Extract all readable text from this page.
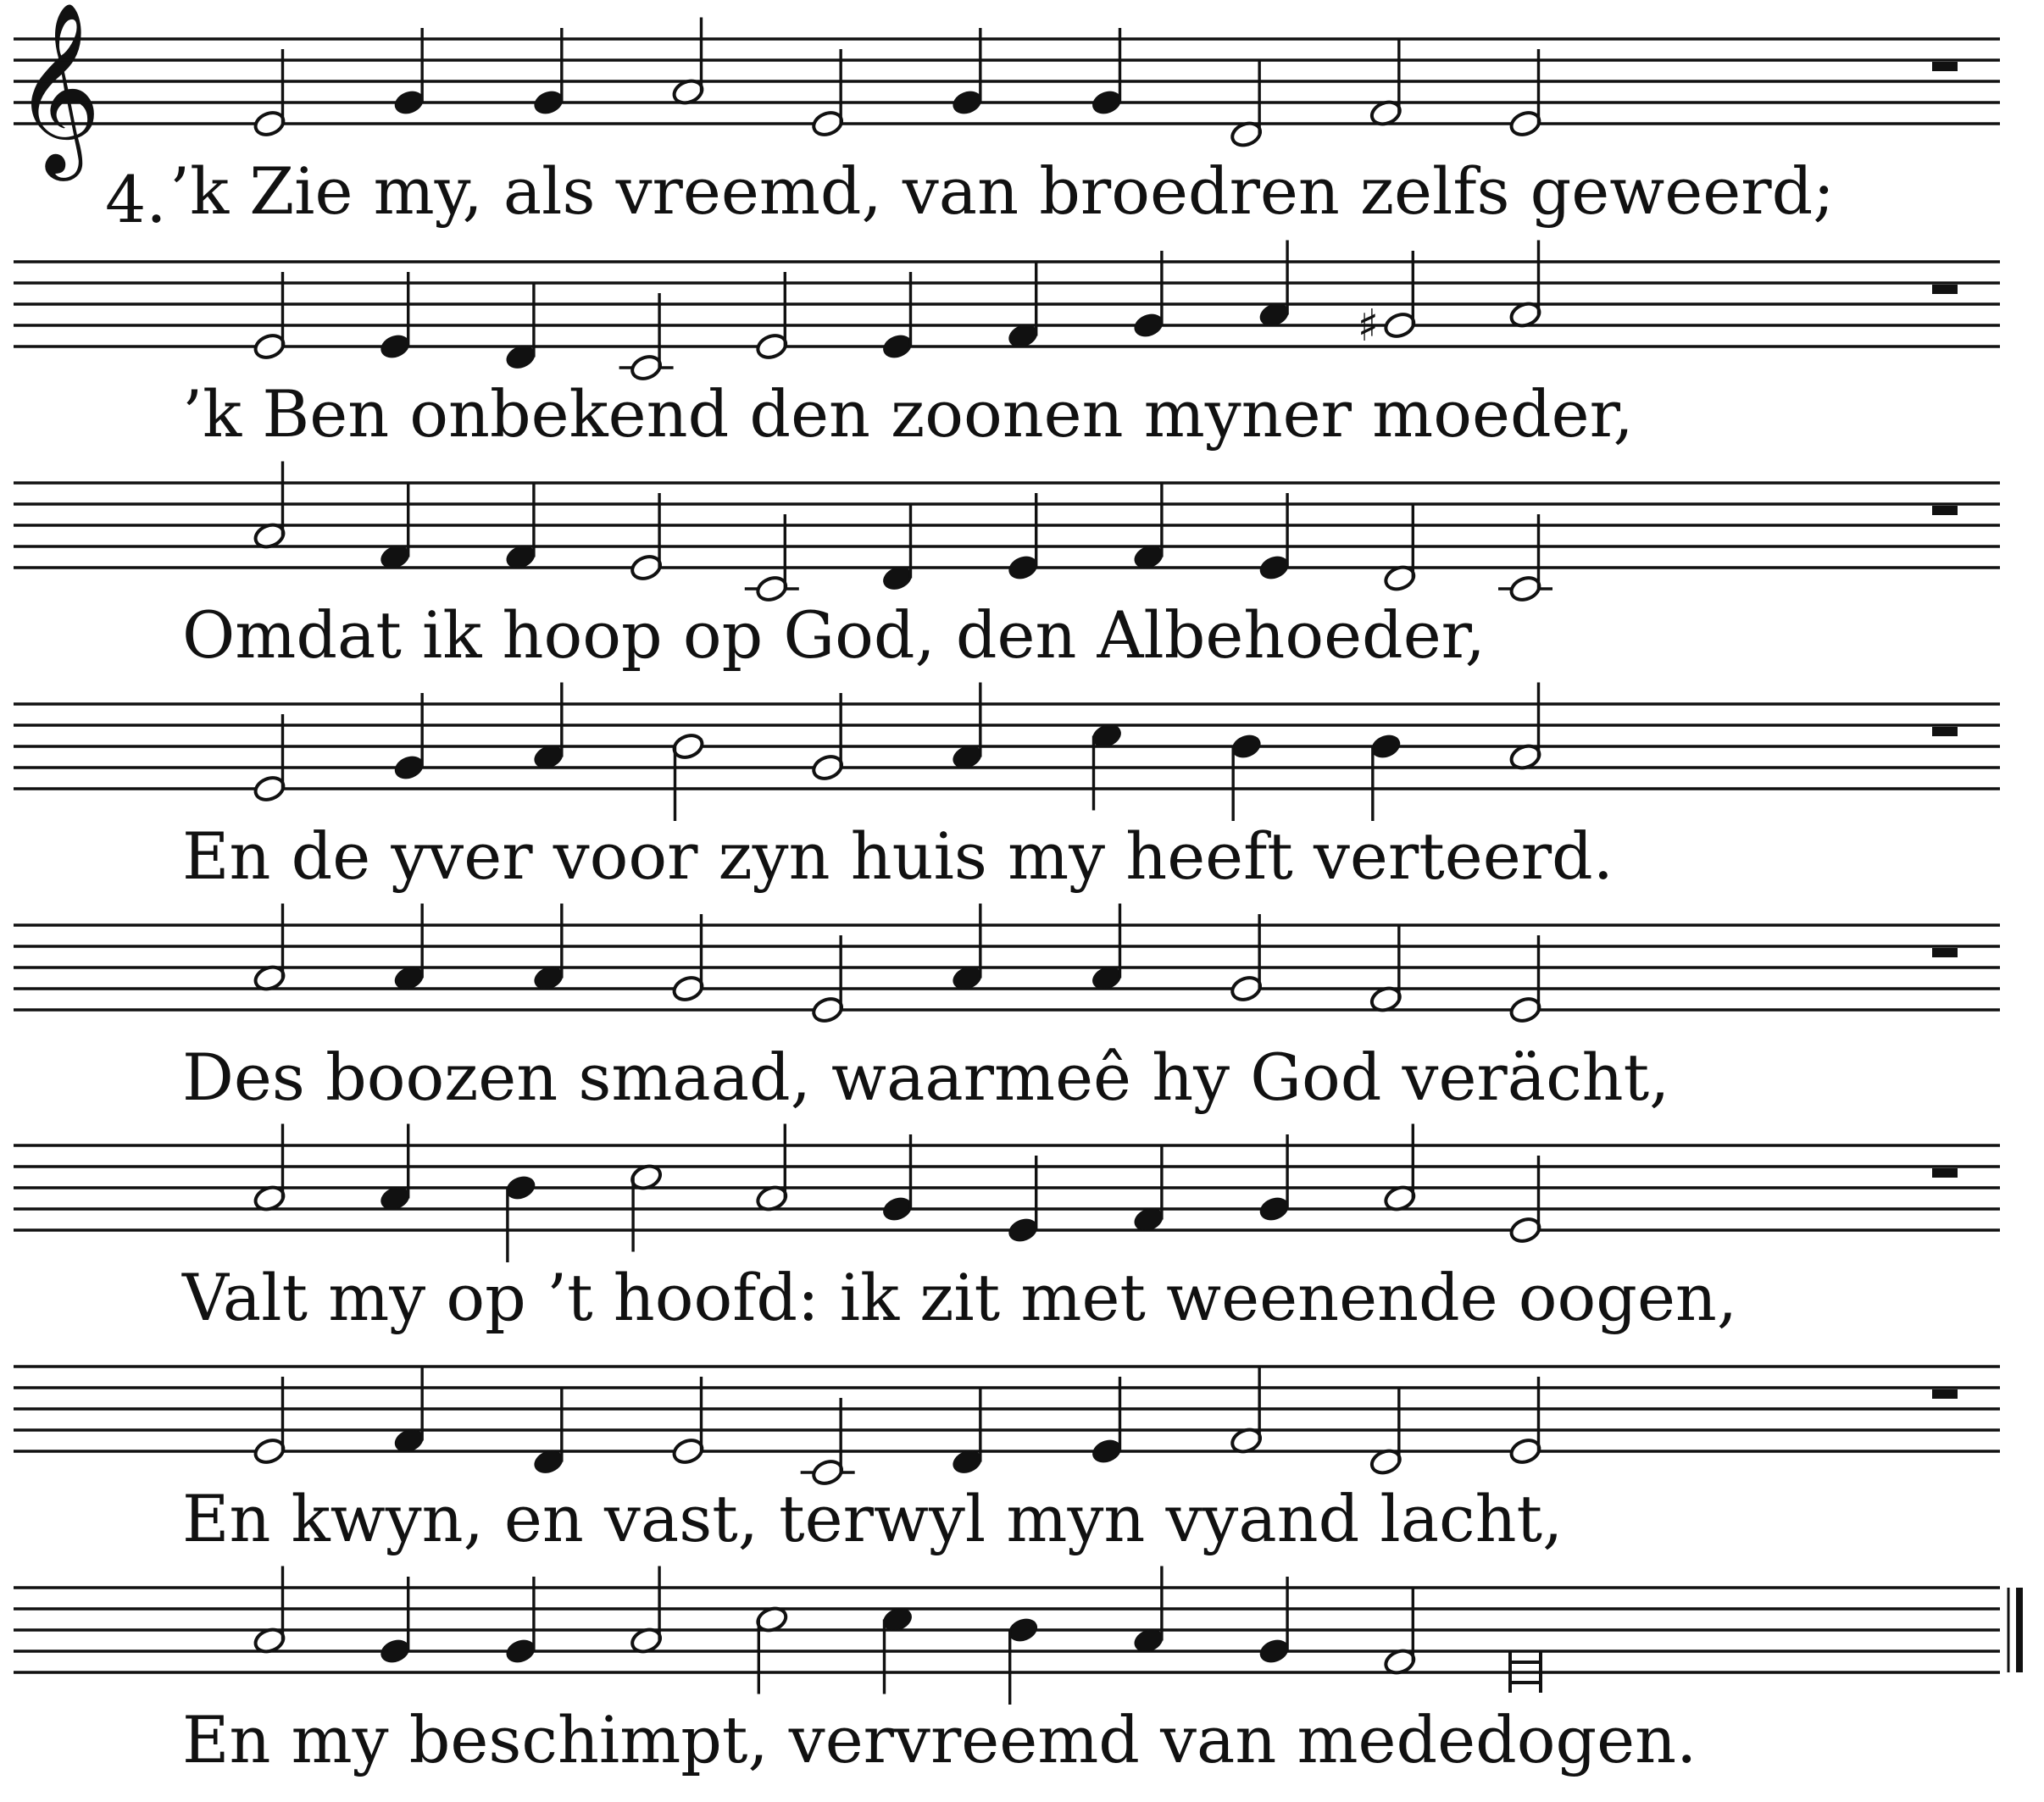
𝄞
4. ’k Zie my, als vreemd, van broedren zelfs geweerd;
♯
’k Ben onbekend den zoonen myner moeder,
Omdat ik hoop op God, den Albehoeder,
En de yver voor zyn huis my heeft verteerd.
Des boozen smaad, waarmeê hy God verächt,
Valt my op ’t hoofd: ik zit met weenende oogen,
En kwyn, en vast, terwyl myn vyand lacht,
En my beschimpt, vervreemd van mededogen.
